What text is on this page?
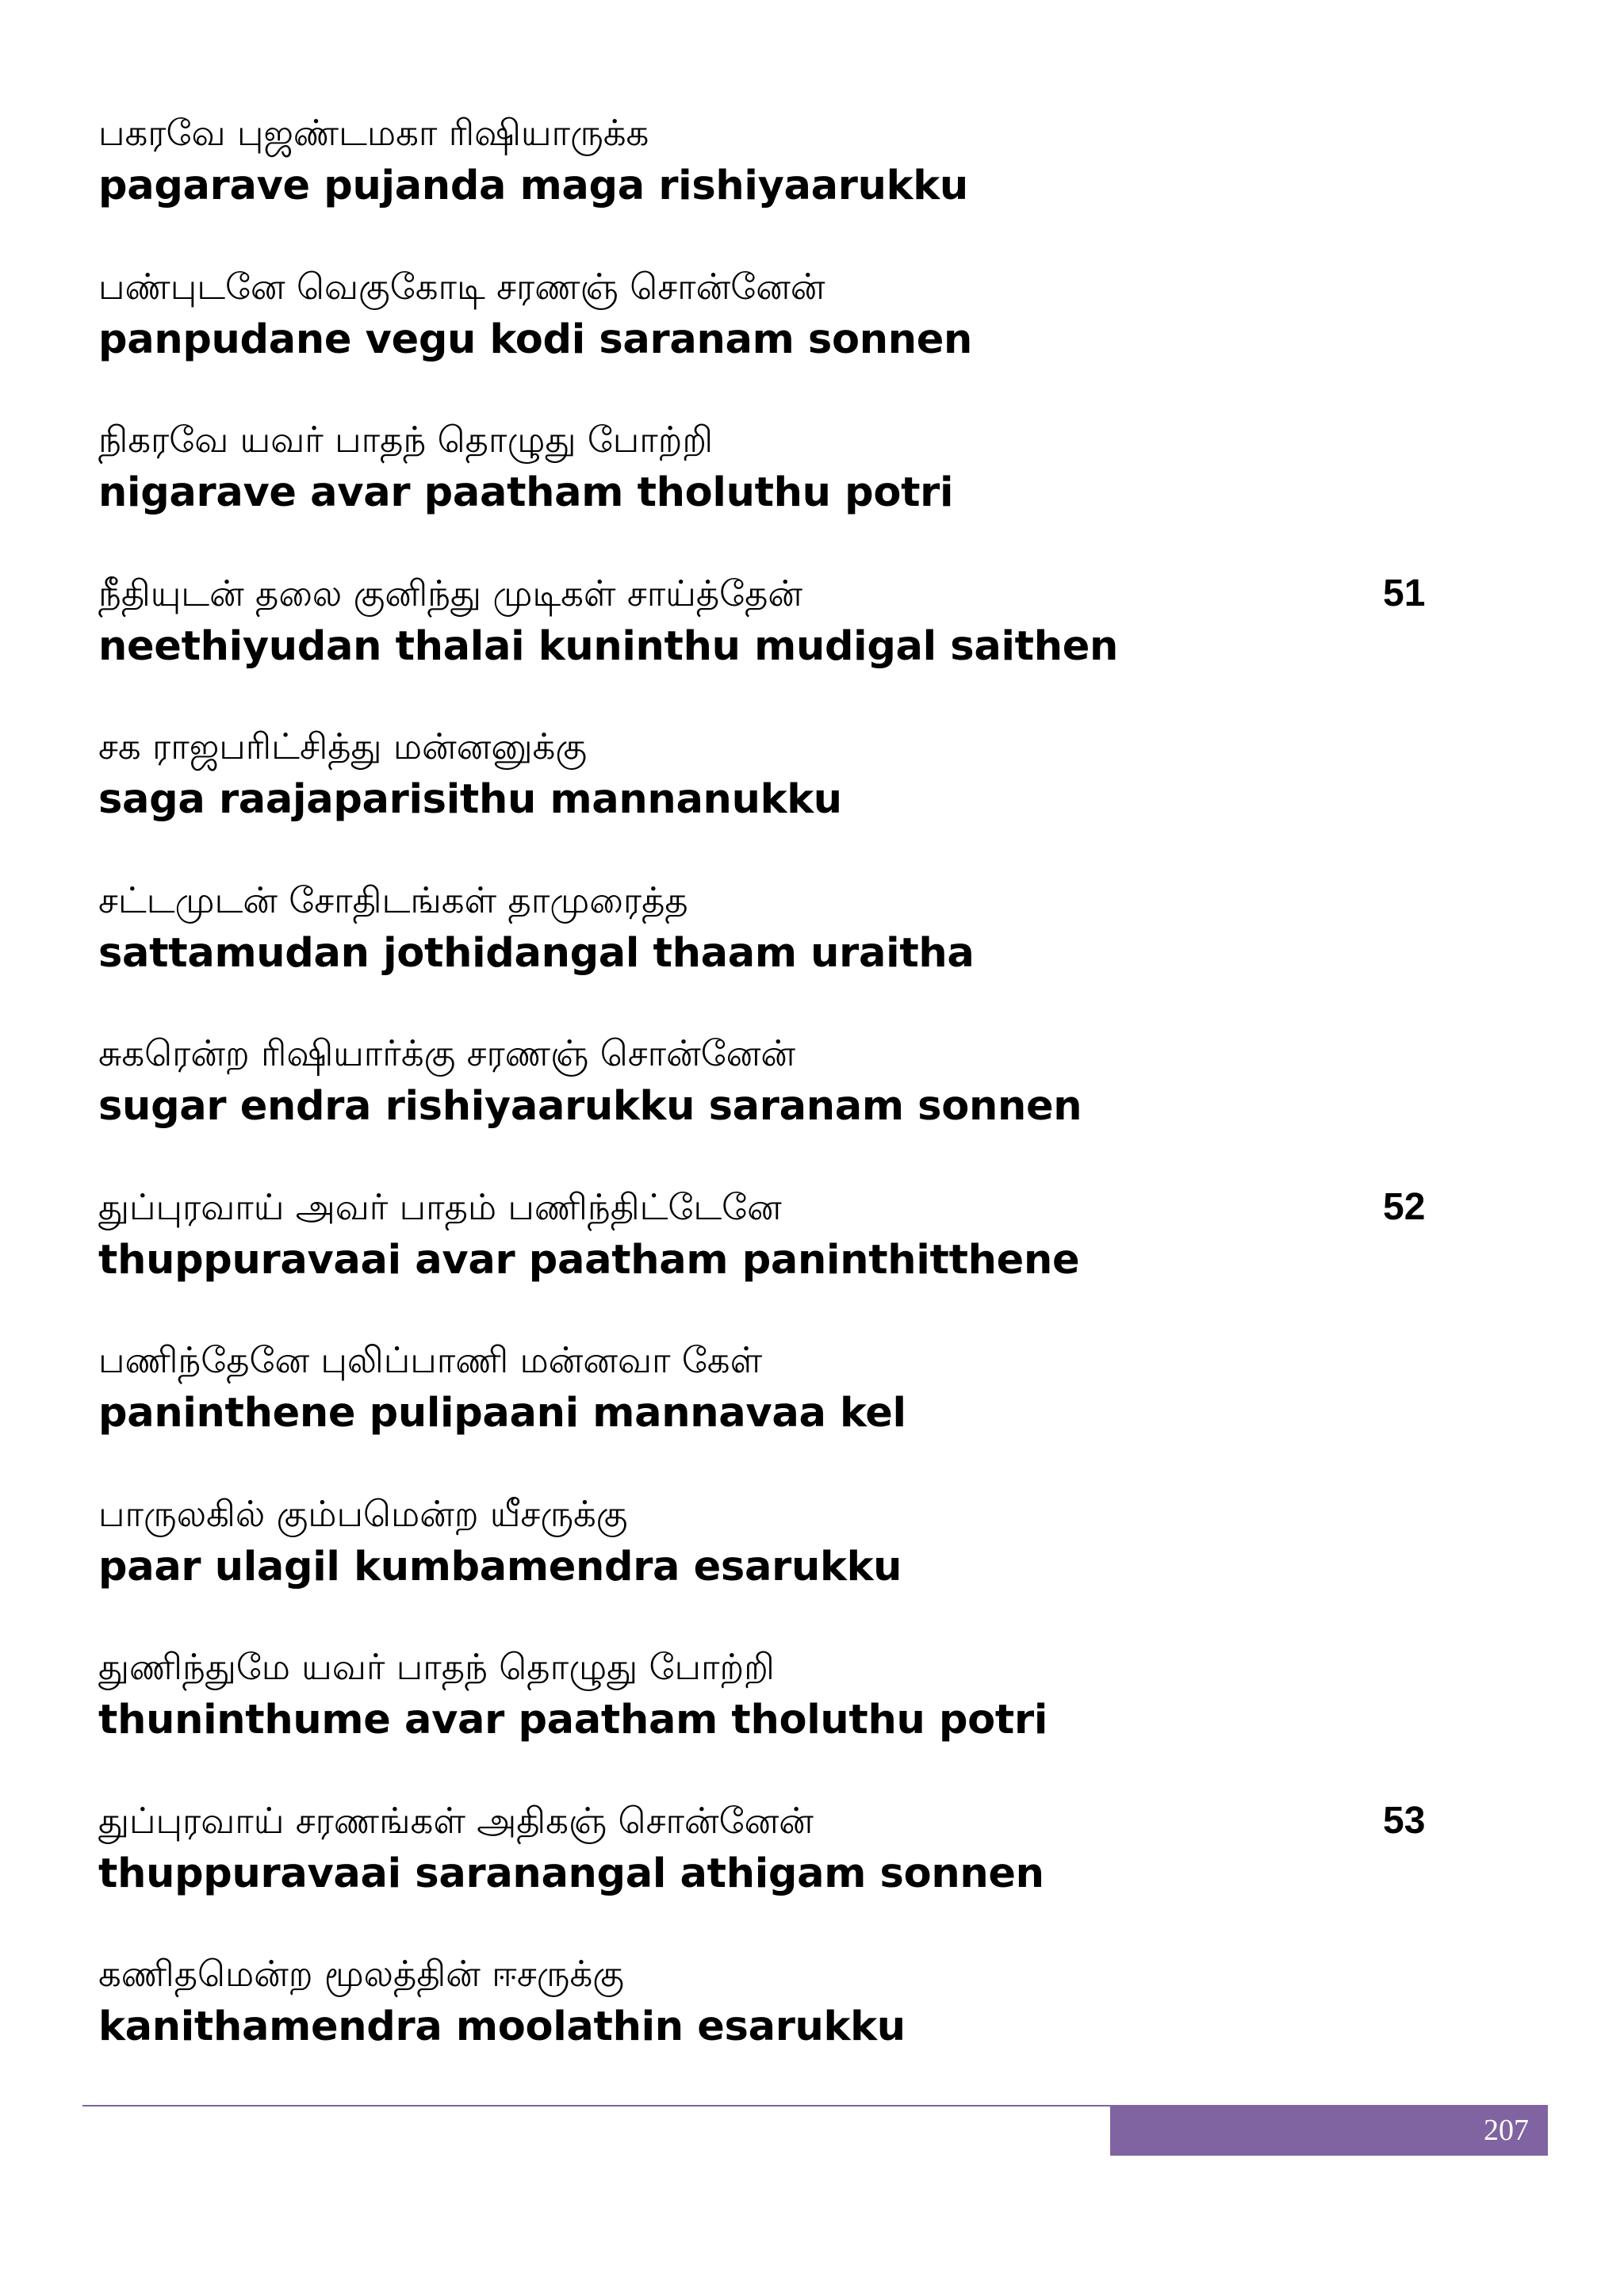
பகரவே புஜண்டமகா ரிஷியாருக்க
pagarave pujanda maga rishiyaarukku
பண்புடனே வெகுகோடி சரணஞ் சொன்னேன்
panpudane vegu kodi saranam sonnen
நிகரவே யவர் பாதந் தொழுது போற்றி
nigarave avar paatham tholuthu potri
நீதியுடன் தலை குனிந்து முடிகள் சாய்த்தேன்
neethiyudan thalai kuninthu mudigal saithen
51
சக ராஜபரிட்சித்து மன்னனுக்கு
saga raajaparisithu mannanukku
சட்டமுடன் சோதிடங்கள் தாமுரைத்த
sattamudan jothidangal thaam uraitha
சுகரென்ற ரிஷியார்க்கு சரணஞ் சொன்னேன்
sugar endra rishiyaarukku saranam sonnen
துப்புரவாய் அவர் பாதம் பணிந்திட்டேனே
thuppuravaai avar paatham paninthitthene
52
பணிந்தேனே புலிப்பாணி மன்னவா கேள்
paninthene pulipaani mannavaa kel
பாருலகில் கும்பமென்ற யீசருக்கு
paar ulagil kumbamendra esarukku
துணிந்துமே யவர் பாதந் தொழுது போற்றி
thuninthume avar paatham tholuthu potri
துப்புரவாய் சரணங்கள் அதிகஞ் சொன்னேன்
thuppuravaai saranangal athigam sonnen
53
கணிதமென்ற மூலத்தின் ஈசருக்கு
kanithamendra moolathin esarukku
207
